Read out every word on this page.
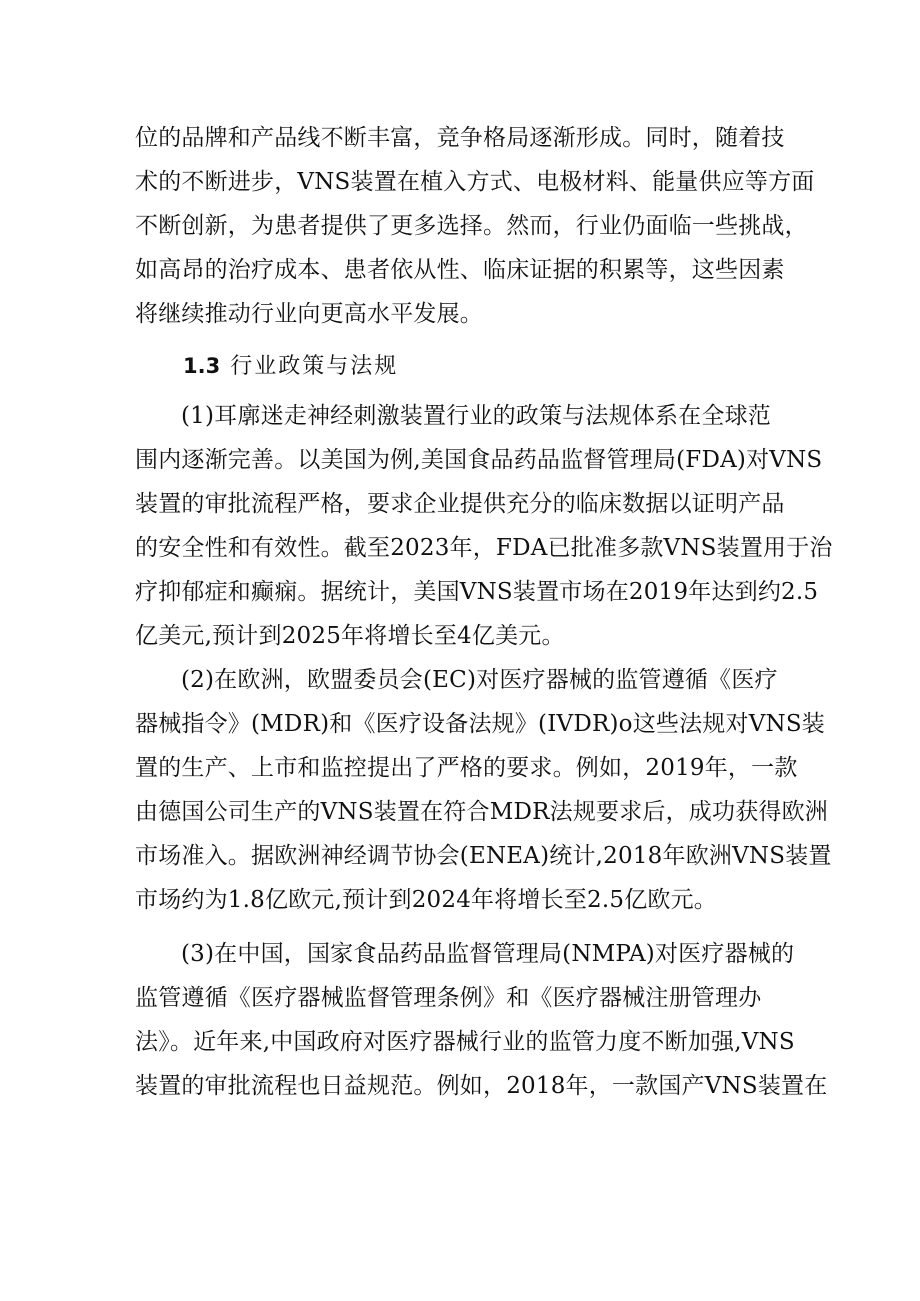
位的品牌和产品线不断丰富，竞争格局逐渐形成。同时，随着技
术的不断进步，VNS装置在植入方式、电极材料、能量供应等方面
不断创新，为患者提供了更多选择。然而，行业仍面临一些挑战，
如高昂的治疗成本、患者依从性、临床证据的积累等，这些因素
将继续推动行业向更高水平发展。

1.3 行业政策与法规

(1)耳廓迷走神经刺激装置行业的政策与法规体系在全球范
围内逐渐完善。以美国为例,美国食品药品监督管理局(FDA)对VNS
装置的审批流程严格，要求企业提供充分的临床数据以证明产品
的安全性和有效性。截至2023年，FDA已批准多款VNS装置用于治
疗抑郁症和癫痫。据统计，美国VNS装置市场在2019年达到约2.5
亿美元,预计到2025年将增长至4亿美元。

(2)在欧洲，欧盟委员会(EC)对医疗器械的监管遵循《医疗
器械指令》(MDR)和《医疗设备法规》(IVDR)o这些法规对VNS装
置的生产、上市和监控提出了严格的要求。例如，2019年，一款
由德国公司生产的VNS装置在符合MDR法规要求后，成功获得欧洲
市场准入。据欧洲神经调节协会(ENEA)统计,2018年欧洲VNS装置
市场约为1.8亿欧元,预计到2024年将增长至2.5亿欧元。

(3)在中国，国家食品药品监督管理局(NMPA)对医疗器械的
监管遵循《医疗器械监督管理条例》和《医疗器械注册管理办
法》。近年来,中国政府对医疗器械行业的监管力度不断加强,VNS
装置的审批流程也日益规范。例如，2018年，一款国产VNS装置在
